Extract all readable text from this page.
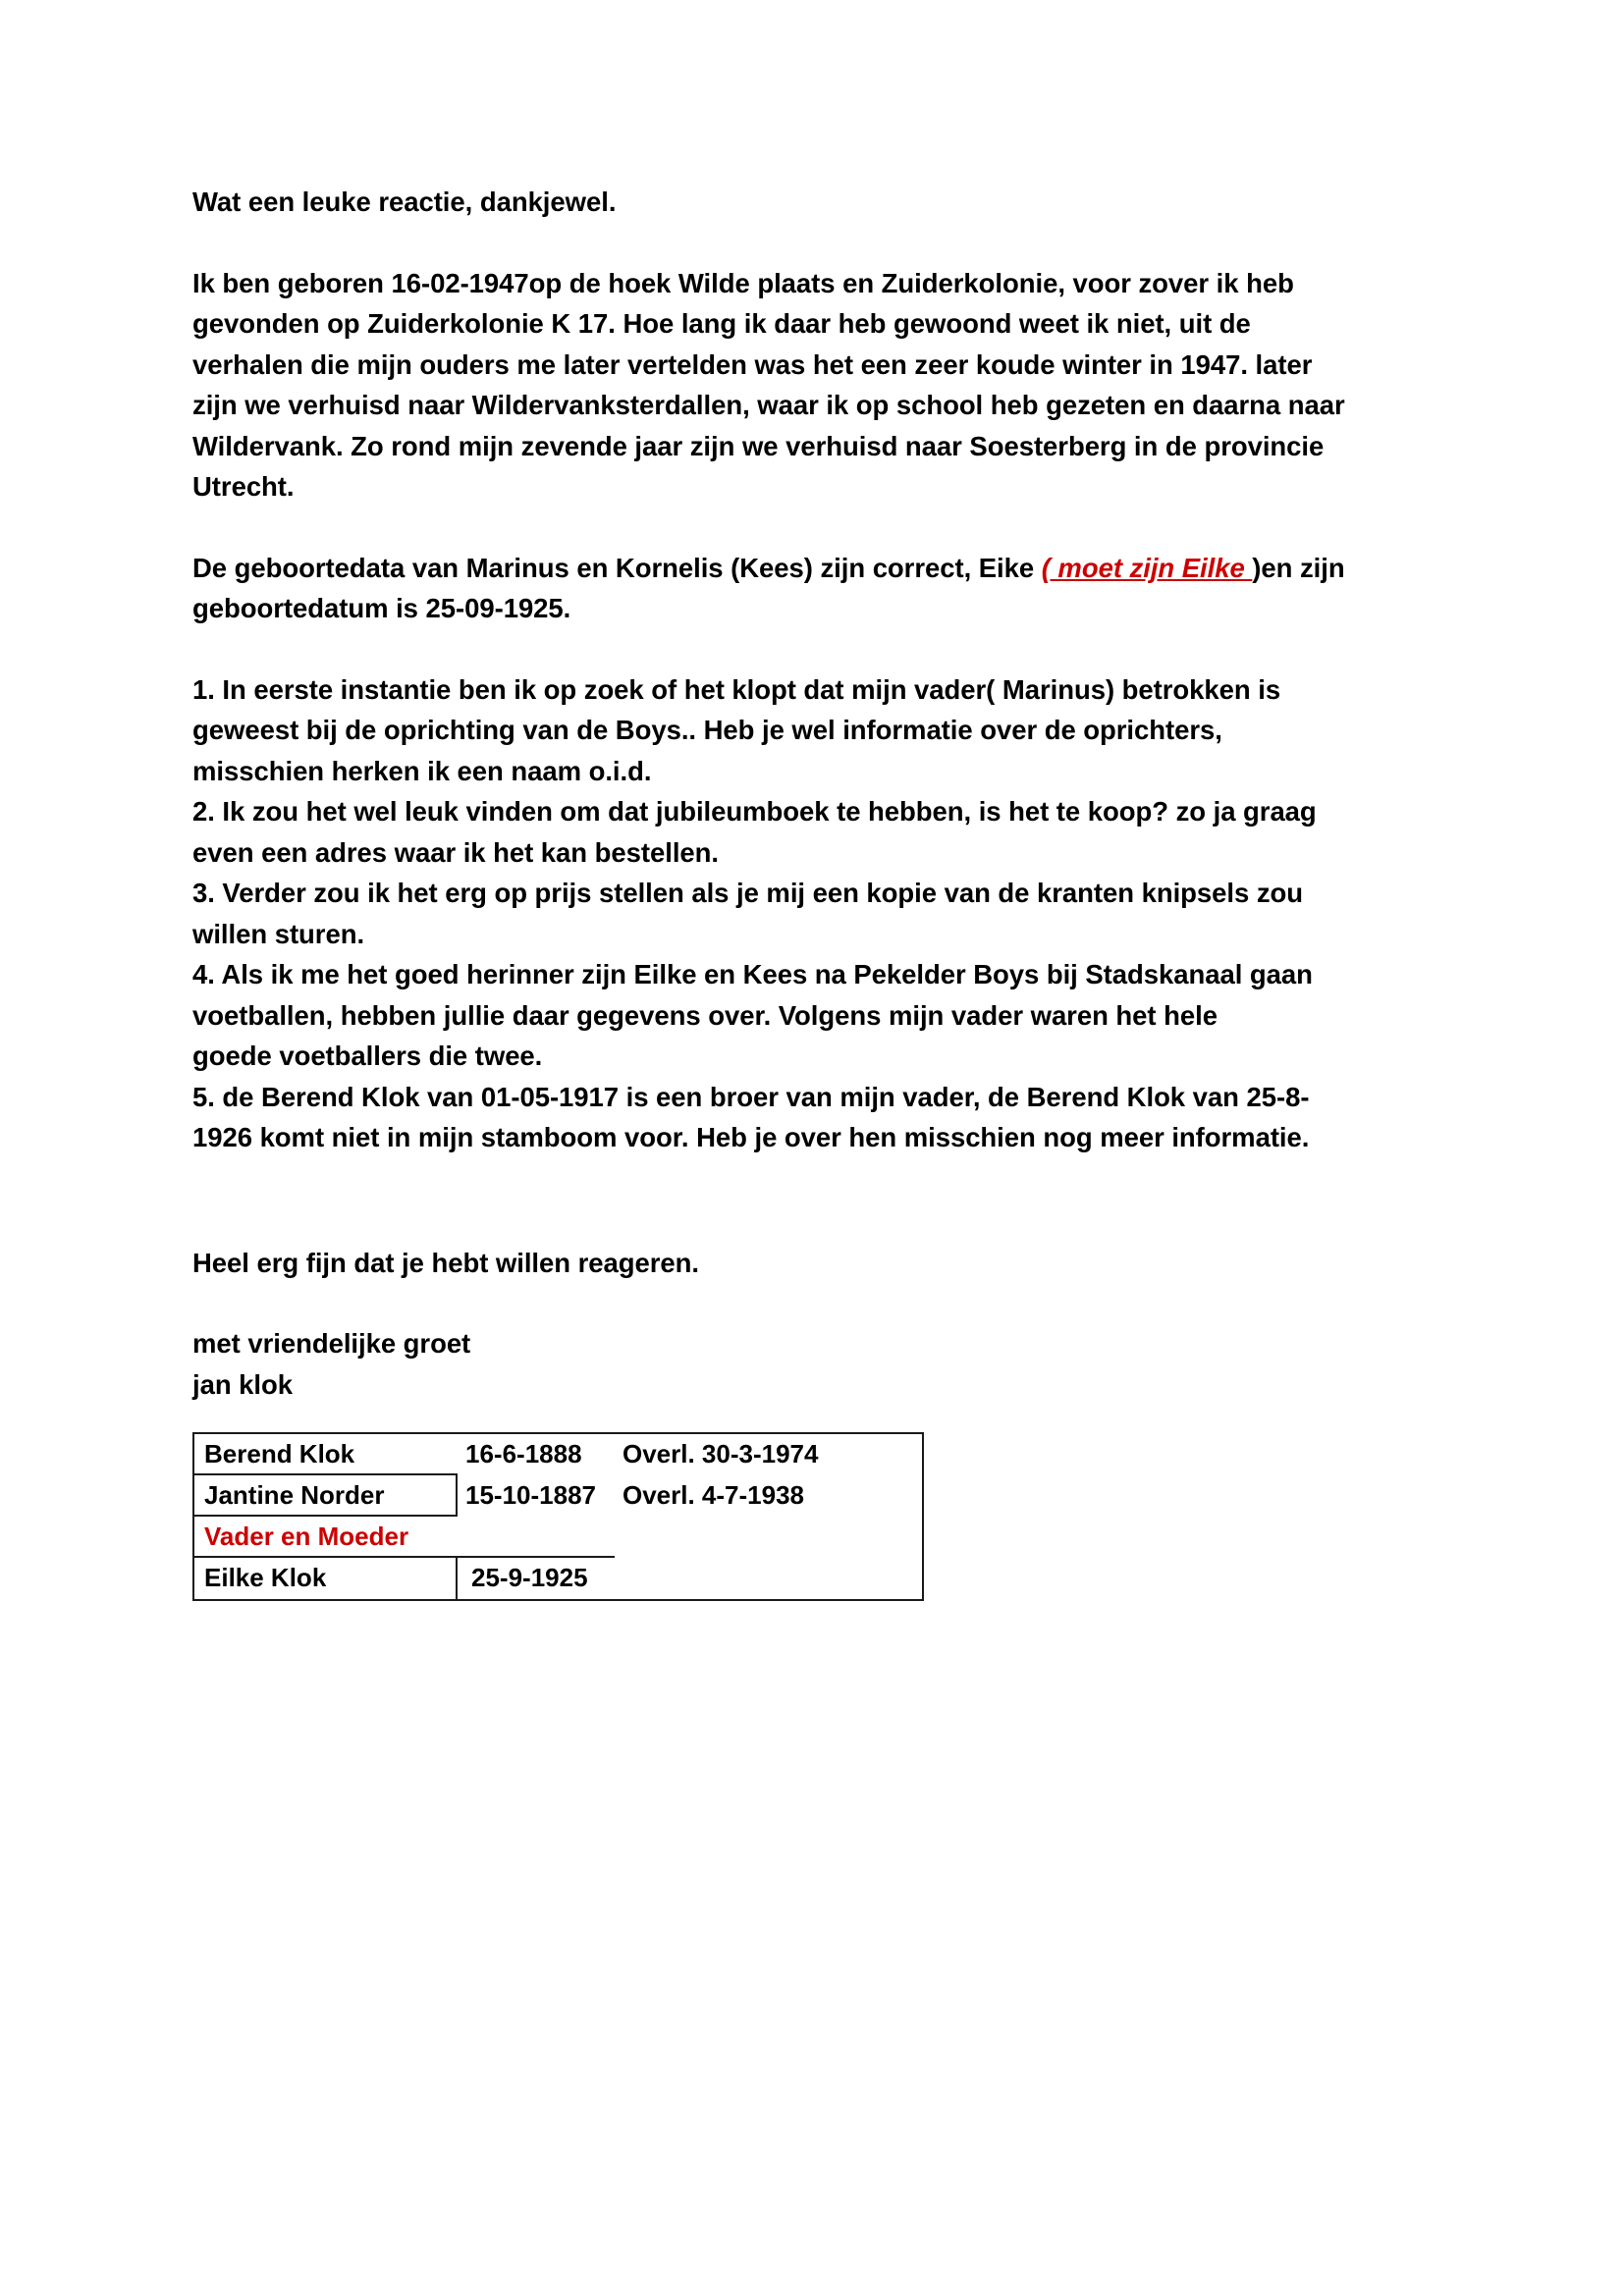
Wat een leuke reactie, dankjewel.

Ik ben geboren 16-02-1947op de hoek Wilde plaats en Zuiderkolonie, voor zover ik heb

gevonden op Zuiderkolonie K 17. Hoe lang ik daar heb gewoond weet ik niet, uit de

verhalen die mijn ouders me later vertelden was het een zeer koude winter in 1947. later

zijn we verhuisd naar Wildervanksterdallen, waar ik op school heb gezeten en daarna naar

Wildervank. Zo rond mijn zevende jaar zijn we verhuisd naar Soesterberg in de provincie

Utrecht.

De geboortedata van Marinus en Kornelis (Kees) zijn correct, Eike ( moet zijn Eilke )en zijn

geboortedatum is 25-09-1925.

1. In eerste instantie ben ik op zoek of het klopt dat mijn vader( Marinus) betrokken is

geweest bij de oprichting van de Boys.. Heb je wel informatie over de oprichters,

misschien herken ik een naam o.i.d.

2. Ik zou het wel leuk vinden om dat jubileumboek te hebben, is het te koop? zo ja graag

even een adres waar ik het kan bestellen.

3. Verder zou ik het erg op prijs stellen als je mij een kopie van de kranten knipsels zou

willen sturen.

4. Als ik me het goed herinner zijn Eilke en Kees na Pekelder Boys bij Stadskanaal gaan

voetballen, hebben jullie daar gegevens over. Volgens mijn vader waren het hele

goede voetballers die twee.

5. de Berend Klok van 01-05-1917 is een broer van mijn vader, de Berend Klok van 25-8-

1926 komt niet in mijn stamboom voor. Heb je over hen misschien nog meer informatie.

Heel erg fijn dat je hebt willen reageren.

met vriendelijke groet

jan klok

Berend Klok	16-6-1888	Overl. 30-3-1974
Jantine Norder	15-10-1887	Overl. 4-7-1938
Vader en Moeder
Eilke Klok	25-9-1925
